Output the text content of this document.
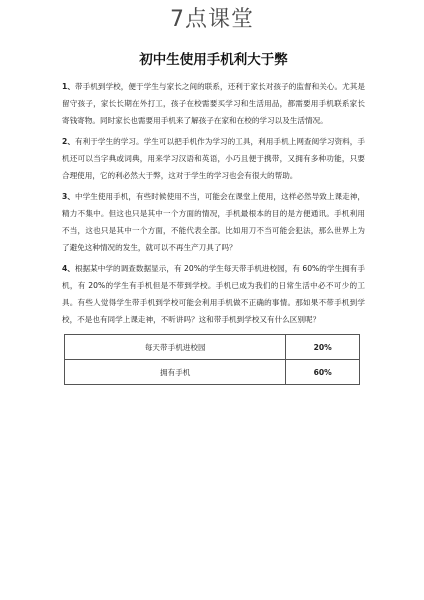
7点课堂
初中生使用手机利大于弊

1、带手机到学校，便于学生与家长之间的联系，还利于家长对孩子的监督和关心。尤其是留守孩子，家长长期在外打工，孩子在校需要买学习和生活用品，都需要用手机联系家长寄钱寄物。同时家长也需要用手机来了解孩子在家和在校的学习以及生活情况。

2、有利于学生的学习。学生可以把手机作为学习的工具，利用手机上网查阅学习资料，手机还可以当字典或词典，用来学习汉语和英语，小巧且便于携带，又拥有多种功能，只要合理使用，它的利必然大于弊，这对于学生的学习也会有很大的帮助。

3、中学生使用手机，有些时候使用不当，可能会在课堂上使用，这样必然导致上课走神，精力不集中。但这也只是其中一个方面的情况，手机最根本的目的是方便通讯。手机利用不当，这也只是其中一个方面，不能代表全部。比如用刀不当可能会犯法，那么世界上为了避免这种情况的发生，就可以不再生产刀具了吗？

4、根据某中学的调查数据显示，有 20%的学生每天带手机进校园，有 60%的学生拥有手机，有 20%的学生有手机但是不带到学校。手机已成为我们的日常生活中必不可少的工具。有些人觉得学生带手机到学校可能会利用手机做不正确的事情。那如果不带手机到学校，不是也有同学上课走神，不听讲吗？这和带手机到学校又有什么区别呢？

每天带手机进校园	20%
拥有手机	60%
